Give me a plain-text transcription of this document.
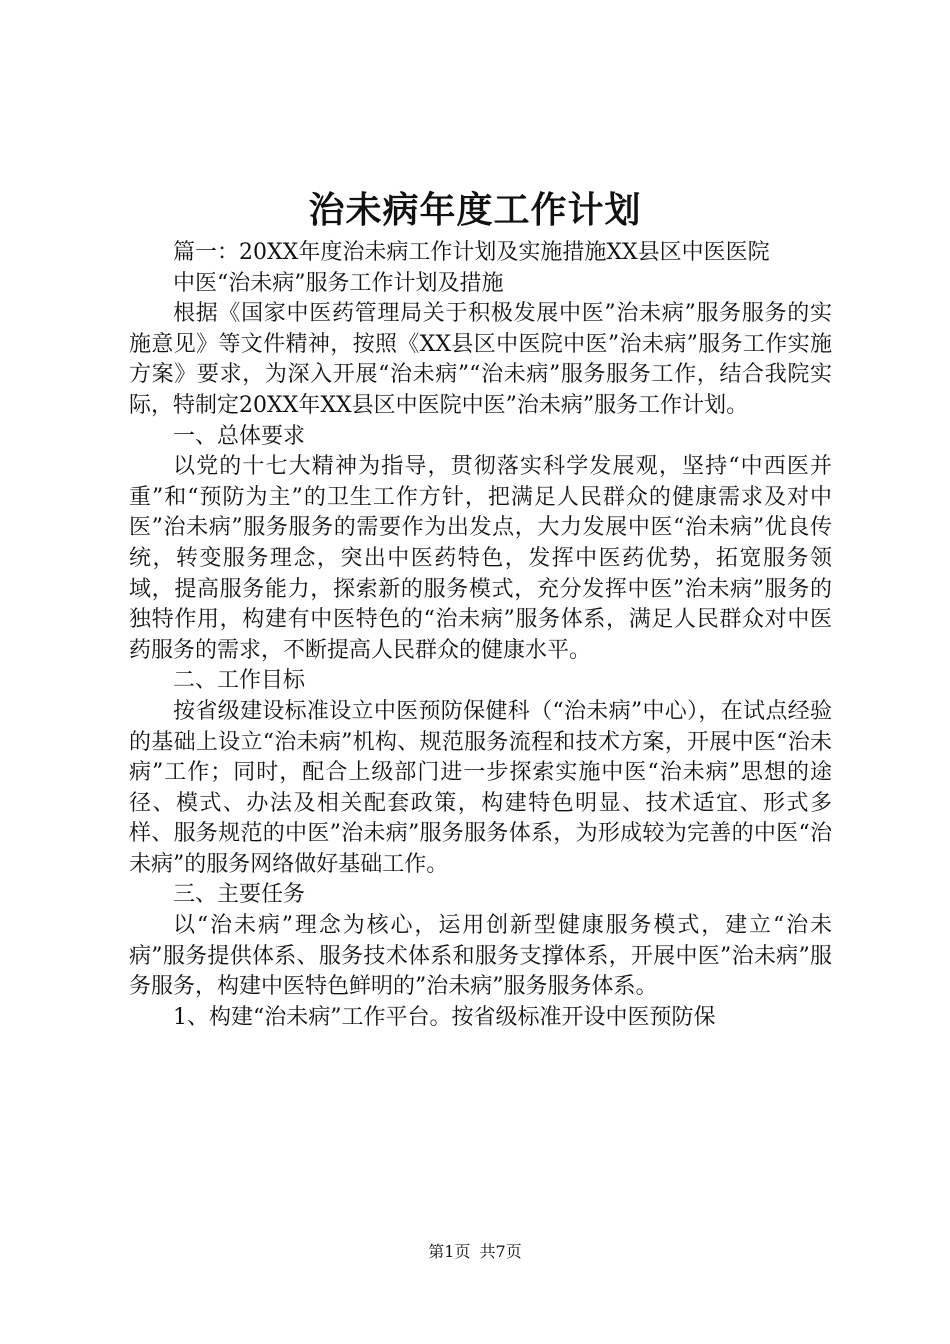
治未病年度工作计划

篇一：20XX年度治未病工作计划及实施措施XX县区中医医院

中医“治未病”服务工作计划及措施

根据《国家中医药管理局关于积极发展中医”治未病”服务服务的实施意见》等文件精神，按照《XX县区中医院中医”治未病”服务工作实施方案》要求，为深入开展“治未病”“治未病”服务服务工作，结合我院实际，特制定20XX年XX县区中医院中医”治未病”服务工作计划。

一、总体要求

以党的十七大精神为指导，贯彻落实科学发展观，坚持“中西医并重”和“预防为主”的卫生工作方针，把满足人民群众的健康需求及对中医”治未病”服务服务的需要作为出发点，大力发展中医“治未病”优良传统，转变服务理念，突出中医药特色，发挥中医药优势，拓宽服务领域，提高服务能力，探索新的服务模式，充分发挥中医”治未病”服务的独特作用，构建有中医特色的“治未病”服务体系，满足人民群众对中医药服务的需求，不断提高人民群众的健康水平。

二、工作目标

按省级建设标准设立中医预防保健科（“治未病”中心），在试点经验的基础上设立“治未病”机构、规范服务流程和技术方案，开展中医“治未病”工作；同时，配合上级部门进一步探索实施中医“治未病”思想的途径、模式、办法及相关配套政策，构建特色明显、技术适宜、形式多样、服务规范的中医”治未病”服务服务体系，为形成较为完善的中医“治未病”的服务网络做好基础工作。

三、主要任务

以“治未病”理念为核心，运用创新型健康服务模式，建立“治未病”服务提供体系、服务技术体系和服务支撑体系，开展中医”治未病”服务服务，构建中医特色鲜明的”治未病”服务服务体系。

1、构建“治未病”工作平台。按省级标准开设中医预防保

第1页 共7页
